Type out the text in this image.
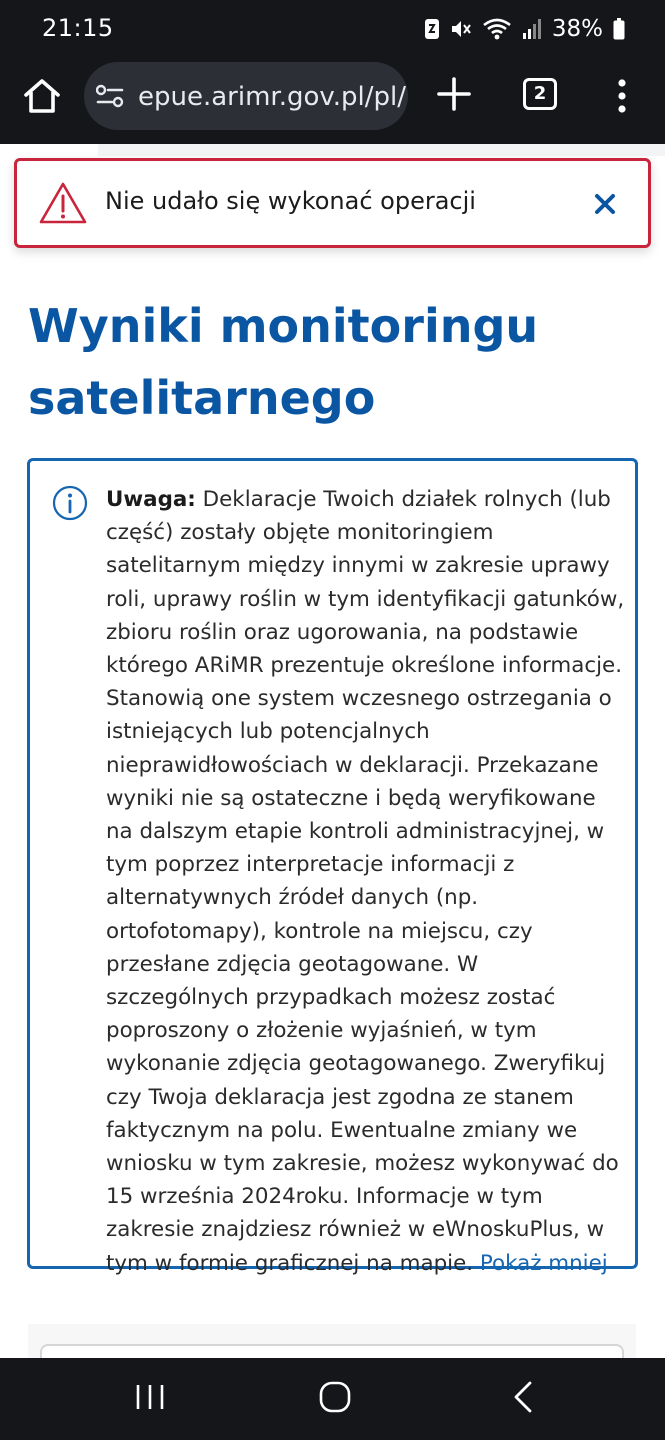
21:15	38%
epue.arimr.gov.pl/pl/	2
Nie udało się wykonać operacji
Wyniki monitoringu satelitarnego

Uwaga: Deklaracje Twoich działek rolnych (lub część) zostały objęte monitoringiem satelitarnym między innymi w zakresie uprawy roli, uprawy roślin w tym identyfikacji gatunków, zbioru roślin oraz ugorowania, na podstawie którego ARiMR prezentuje określone informacje. Stanowią one system wczesnego ostrzegania o istniejących lub potencjalnych nieprawidłowościach w deklaracji. Przekazane wyniki nie są ostateczne i będą weryfikowane na dalszym etapie kontroli administracyjnej, w tym poprzez interpretacje informacji z alternatywnych źródeł danych (np. ortofotomapy), kontrole na miejscu, czy przesłane zdjęcia geotagowane. W szczególnych przypadkach możesz zostać poproszony o złożenie wyjaśnień, w tym wykonanie zdjęcia geotagowanego. Zweryfikuj czy Twoja deklaracja jest zgodna ze stanem faktycznym na polu. Ewentualne zmiany we wniosku w tym zakresie, możesz wykonywać do 15 września 2024roku. Informacje w tym zakresie znajdziesz również w eWnoskuPlus, w tym w formie graficznej na mapie. Pokaż mniej
